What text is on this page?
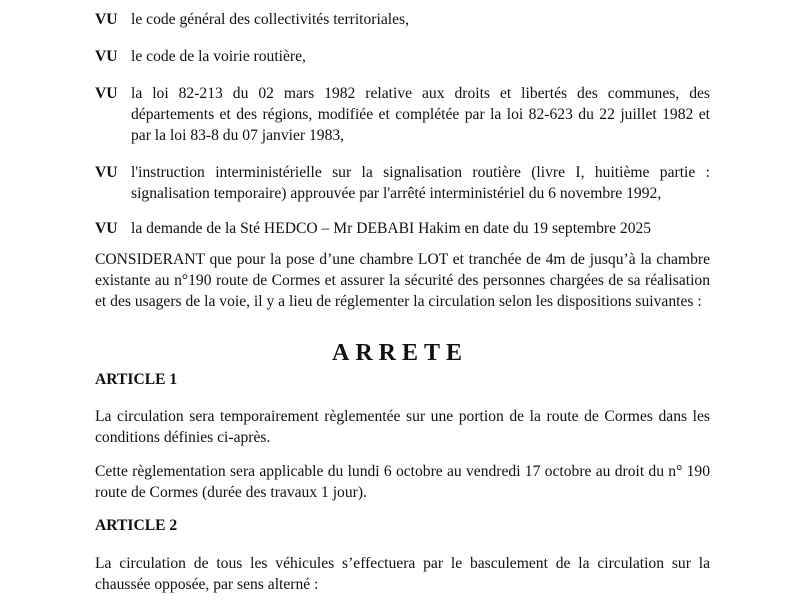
VU le code général des collectivités territoriales,
VU le code de la voirie routière,
VU la loi 82-213 du 02 mars 1982 relative aux droits et libertés des communes, des départements et des régions, modifiée et complétée par la loi 82-623 du 22 juillet 1982 et par la loi 83-8 du 07 janvier 1983,
VU l'instruction interministérielle sur la signalisation routière (livre I, huitième partie : signalisation temporaire) approuvée par l'arrêté interministériel du 6 novembre 1992,
VU la demande de la Sté HEDCO – Mr DEBABI Hakim en date du 19 septembre 2025
CONSIDERANT que pour la pose d’une chambre LOT et tranchée de 4m de jusqu’à la chambre existante au n°190 route de Cormes et assurer la sécurité des personnes chargées de sa réalisation et des usagers de la voie, il y a lieu de réglementer la circulation selon les dispositions suivantes :
ARRETE
ARTICLE 1
La circulation sera temporairement règlementée sur une portion de la route de Cormes dans les conditions définies ci-après.
Cette règlementation sera applicable du lundi 6 octobre au vendredi 17 octobre au droit du n° 190 route de Cormes (durée des travaux 1 jour).
ARTICLE 2
La circulation de tous les véhicules s’effectuera par le basculement de la circulation sur la chaussée opposée, par sens alterné :
